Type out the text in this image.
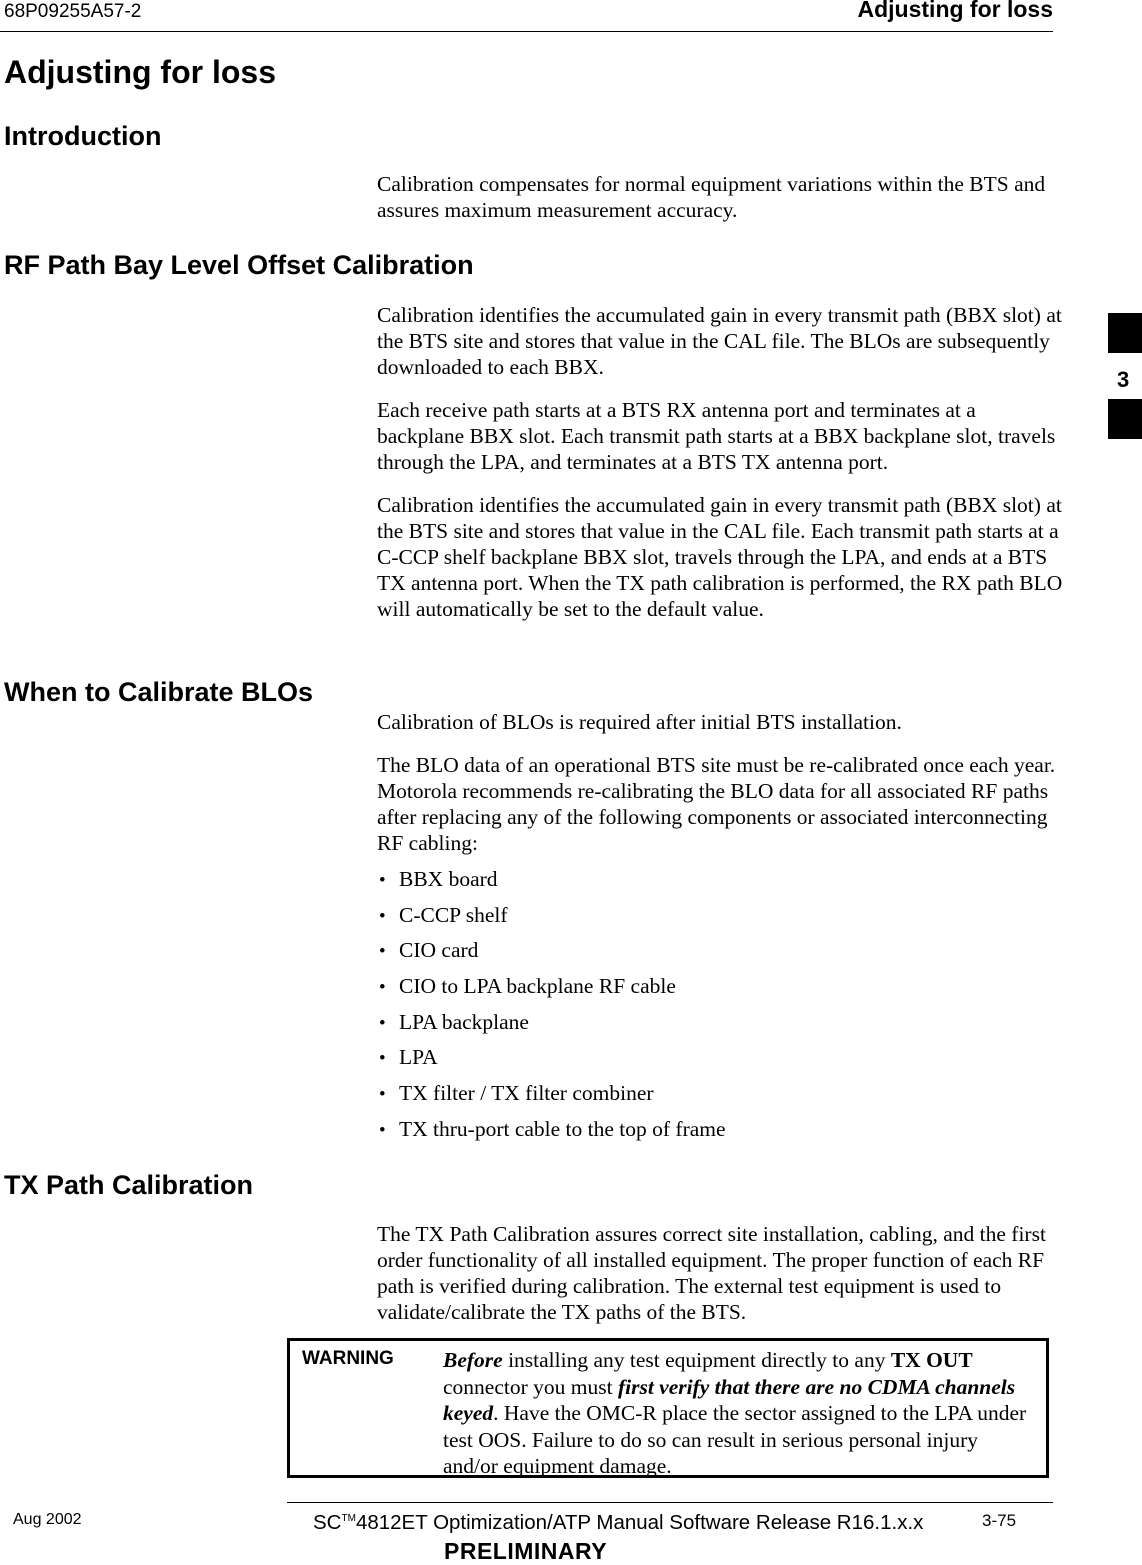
68P09255A57-2	Adjusting for loss
Adjusting for loss
Introduction

Calibration compensates for normal equipment variations within the BTS and assures maximum measurement accuracy.

RF Path Bay Level Offset Calibration

Calibration identifies the accumulated gain in every transmit path (BBX slot) at the BTS site and stores that value in the CAL file. The BLOs are subsequently downloaded to each BBX.

Each receive path starts at a BTS RX antenna port and terminates at a backplane BBX slot. Each transmit path starts at a BBX backplane slot, travels through the LPA, and terminates at a BTS TX antenna port.

Calibration identifies the accumulated gain in every transmit path (BBX slot) at the BTS site and stores that value in the CAL file. Each transmit path starts at a C-CCP shelf backplane BBX slot, travels through the LPA, and ends at a BTS TX antenna port. When the TX path calibration is performed, the RX path BLO will automatically be set to the default value.

When to Calibrate BLOs

Calibration of BLOs is required after initial BTS installation.

The BLO data of an operational BTS site must be re-calibrated once each year. Motorola recommends re-calibrating the BLO data for all associated RF paths after replacing any of the following components or associated interconnecting RF cabling:

• BBX board
• C-CCP shelf
• CIO card
• CIO to LPA backplane RF cable
• LPA backplane
• LPA
• TX filter / TX filter combiner
• TX thru-port cable to the top of frame
TX Path Calibration

The TX Path Calibration assures correct site installation, cabling, and the first order functionality of all installed equipment. The proper function of each RF path is verified during calibration. The external test equipment is used to validate/calibrate the TX paths of the BTS.

WARNING Before installing any test equipment directly to any TX OUT connector you must first verify that there are no CDMA channels keyed. Have the OMC-R place the sector assigned to the LPA under test OOS. Failure to do so can result in serious personal injury and/or equipment damage.

Aug 2002	SC™4812ET Optimization/ATP Manual Software Release R16.1.x.x	3-75
PRELIMINARY
3
